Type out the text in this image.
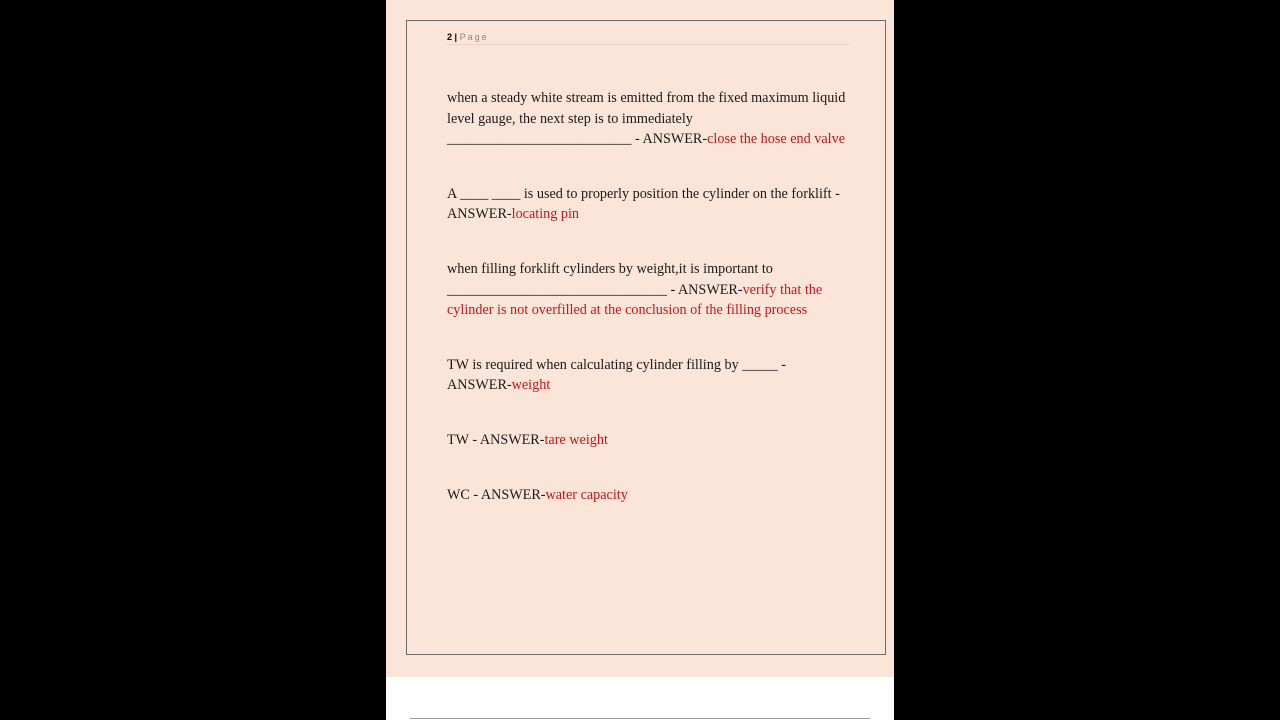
2 | Page

when a steady white stream is emitted from the fixed maximum liquid level gauge, the next step is to immediately __________________________ - ANSWER-close the hose end valve

A ____ ____ is used to properly position the cylinder on the forklift - ANSWER-locating pin

when filling forklift cylinders by weight,it is important to _______________________________ - ANSWER-verify that the cylinder is not overfilled at the conclusion of the filling process

TW is required when calculating cylinder filling by _____ - ANSWER-weight

TW - ANSWER-tare weight

WC - ANSWER-water capacity
